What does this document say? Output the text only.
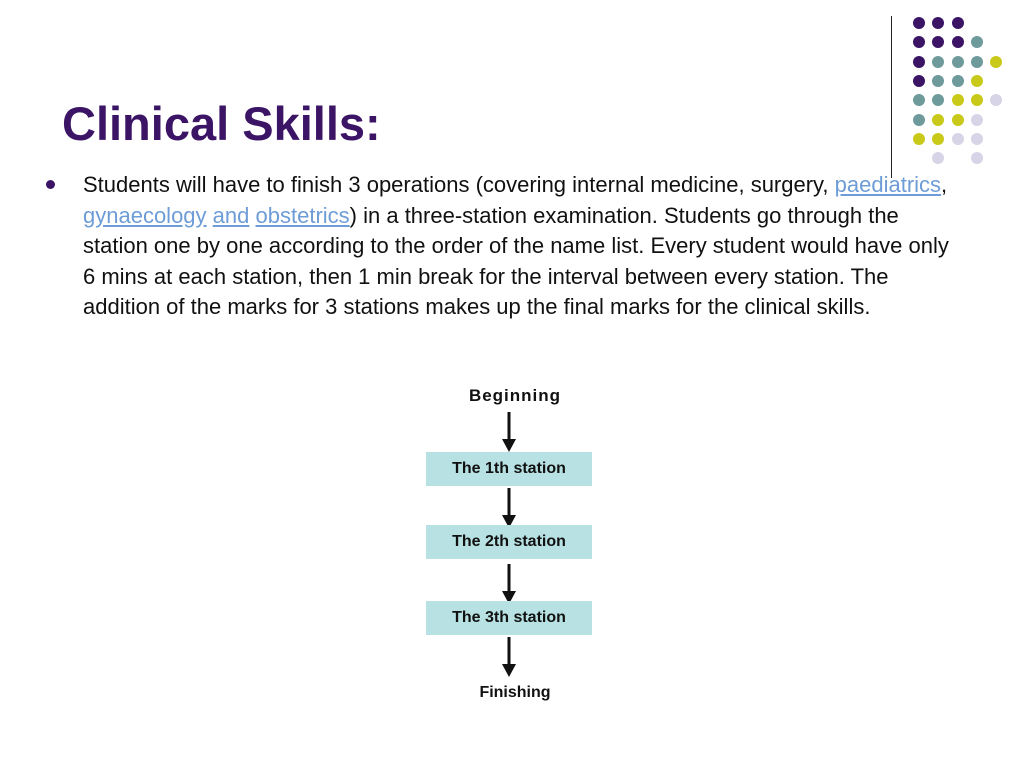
Clinical Skills:

Students will have to finish 3 operations (covering internal medicine, surgery, paediatrics, gynaecology and obstetrics) in a three-station examination. Students go through the station one by one according to the order of the name list. Every student would have only 6 mins at each station, then 1 min break for the interval between every station. The addition of the marks for 3 stations makes up the final marks for the clinical skills.

Beginning
The 1th station
The 2th station
The 3th station
Finishing
